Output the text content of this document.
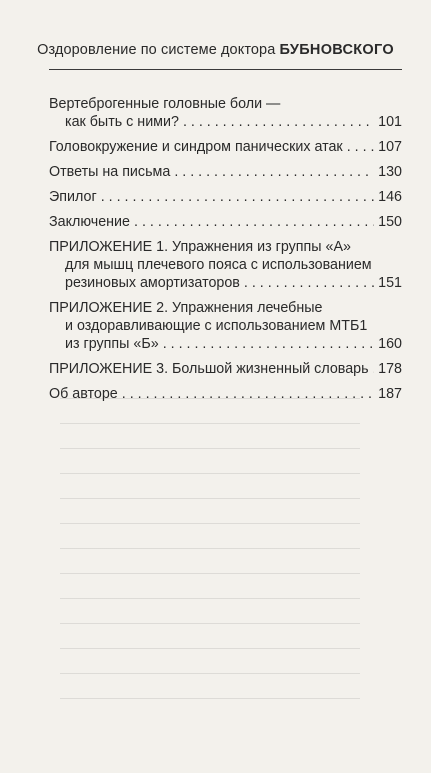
Оздоровление по системе доктора БУБНОВСКОГО
Вертеброгенные головные боли —
как быть с ними? . . .	101
Головокружение и синдром панических атак . . . 107
Ответы на письма . . .	130
Эпилог . . .	146
Заключение . . .	150
ПРИЛОЖЕНИЕ 1. Упражнения из группы «А»
для мышц плечевого пояса с использованием
резиновых амортизаторов . . .	151
ПРИЛОЖЕНИЕ 2. Упражнения лечебные
и оздоравливающие с использованием МТБ1
из группы «Б» . . .	160
ПРИЛОЖЕНИЕ 3. Большой жизненный словарь . . . 178
Об авторе . . .	187
